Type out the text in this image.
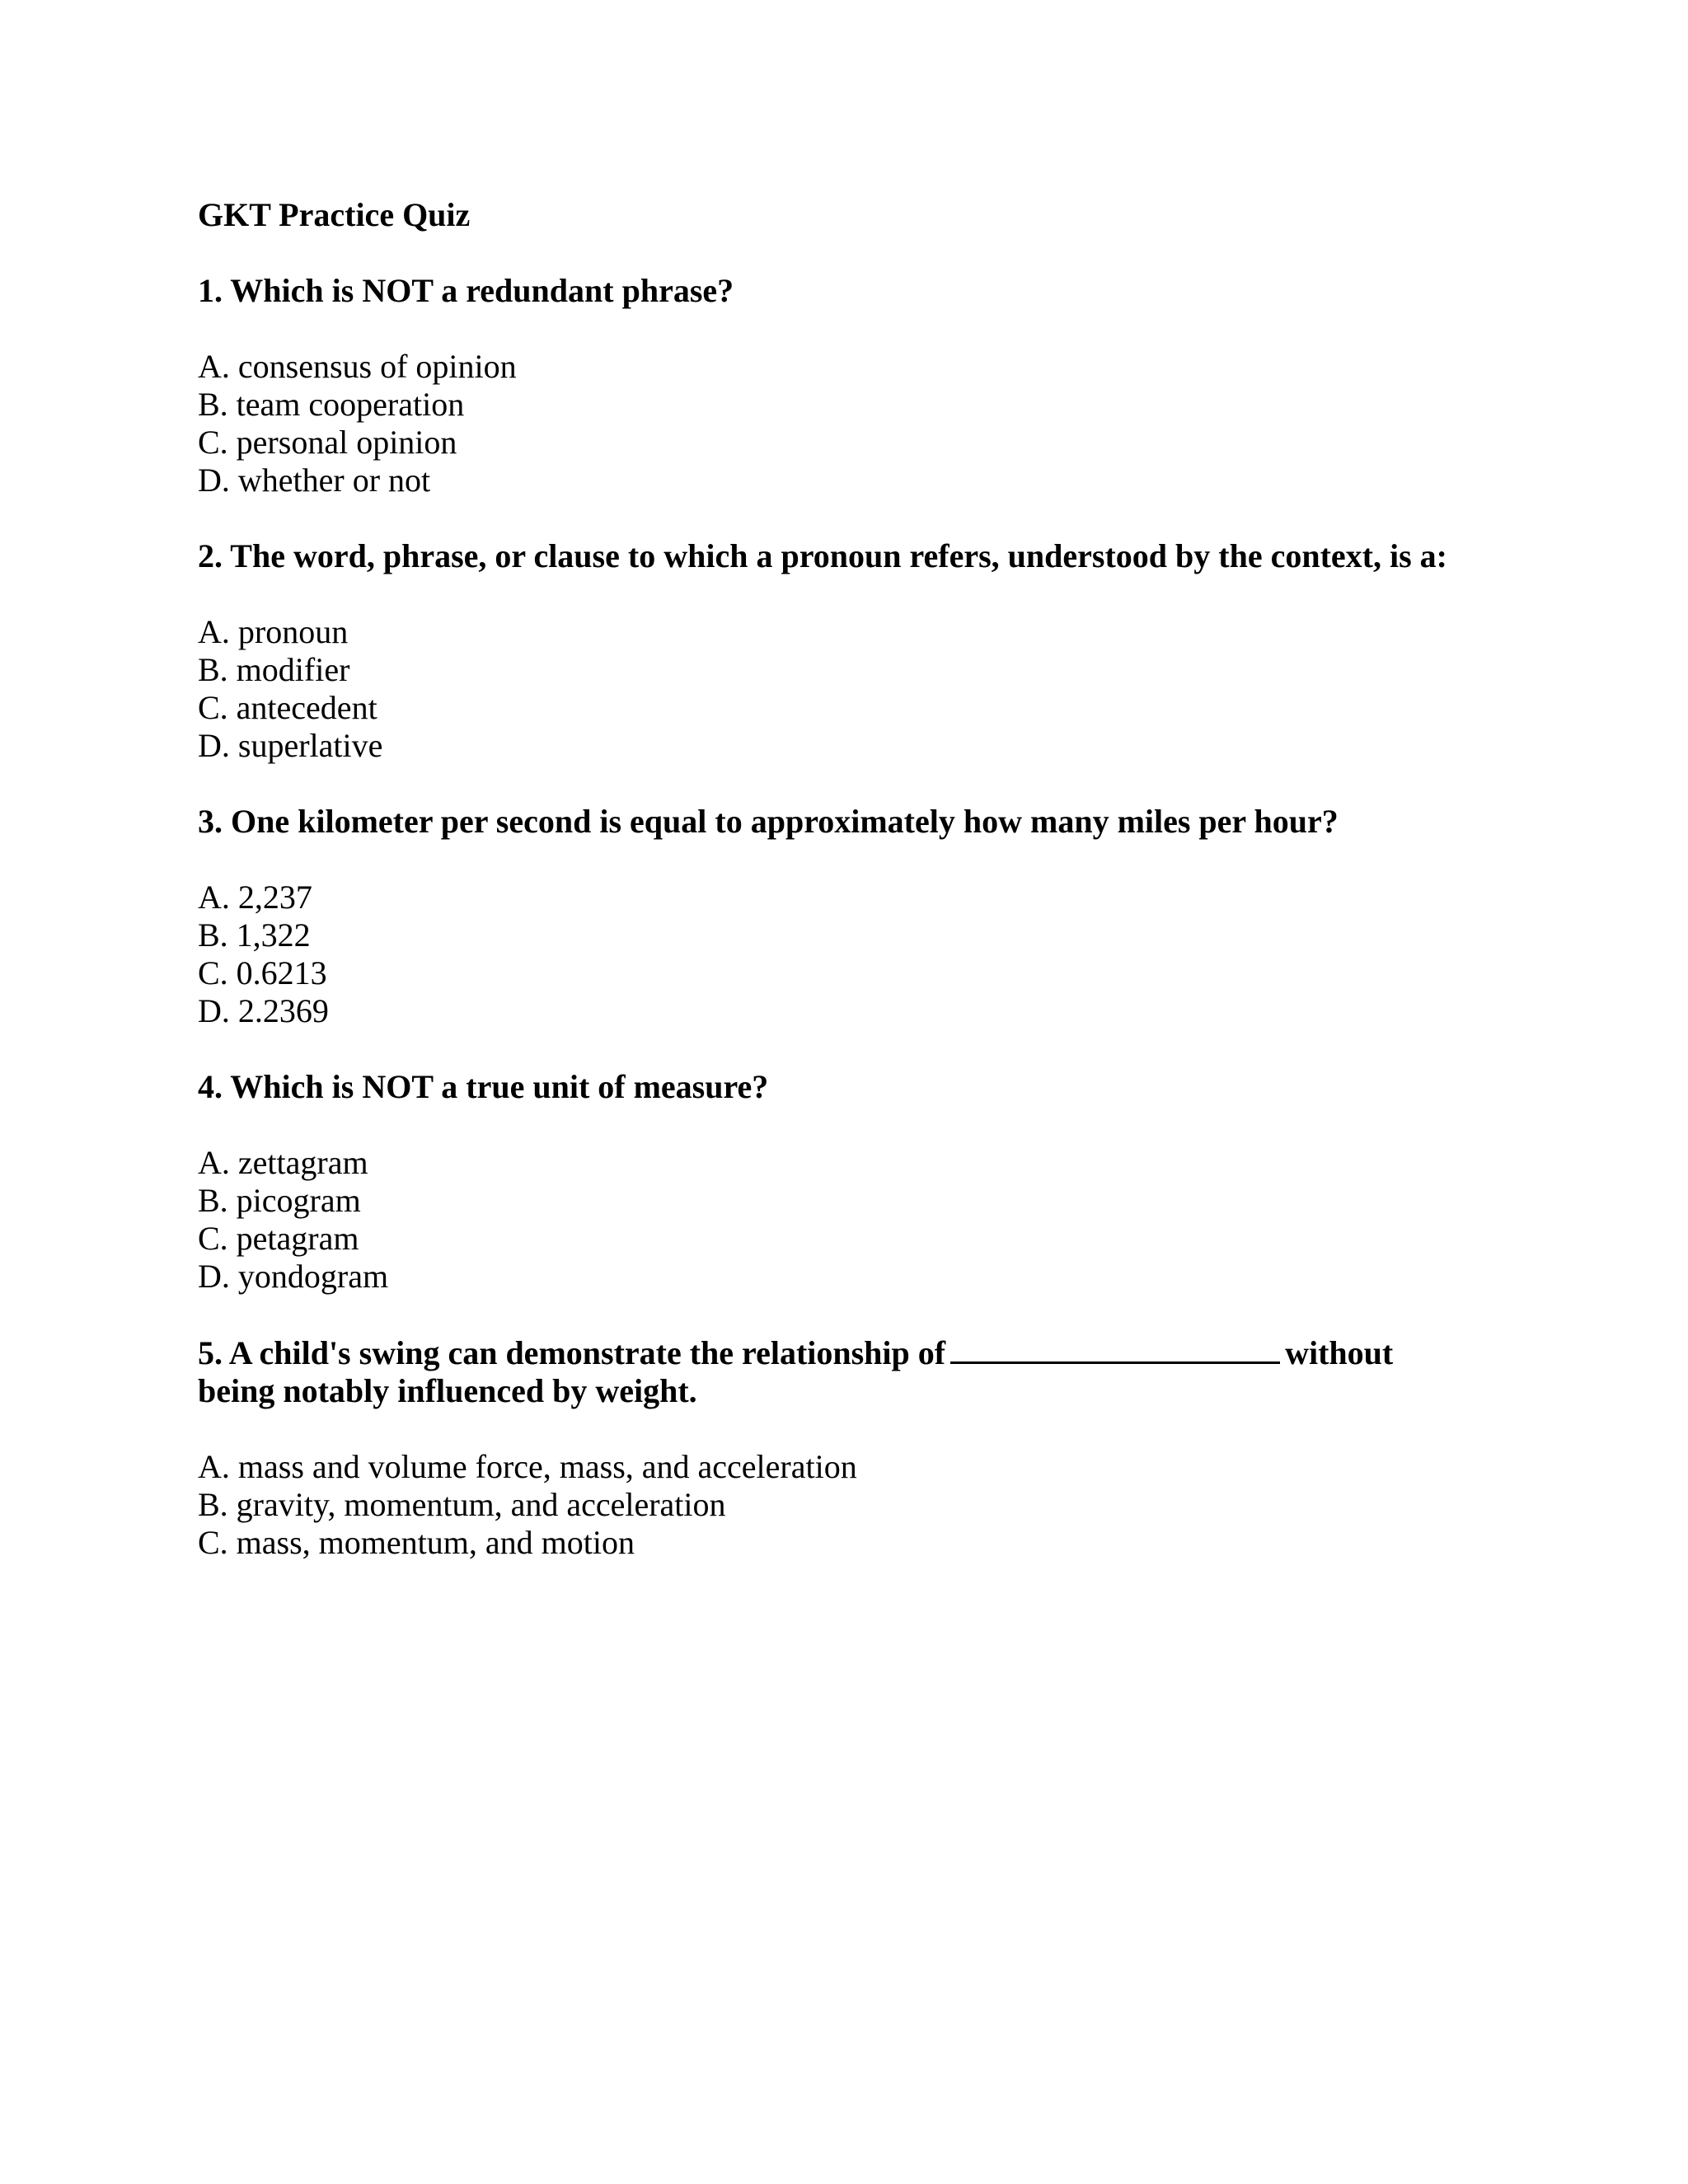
GKT Practice Quiz
1. Which is NOT a redundant phrase?
A. consensus of opinion
B. team cooperation
C. personal opinion
D. whether or not
2. The word, phrase, or clause to which a pronoun refers, understood by the context, is a:
A. pronoun
B. modifier
C. antecedent
D. superlative
3. One kilometer per second is equal to approximately how many miles per hour?
A. 2,237
B. 1,322
C. 0.6213
D. 2.2369
4. Which is NOT a true unit of measure?
A. zettagram
B. picogram
C. petagram
D. yondogram
5. A child's swing can demonstrate the relationship of	without
being notably influenced by weight.
A. mass and volume force, mass, and acceleration
B. gravity, momentum, and acceleration
C. mass, momentum, and motion
